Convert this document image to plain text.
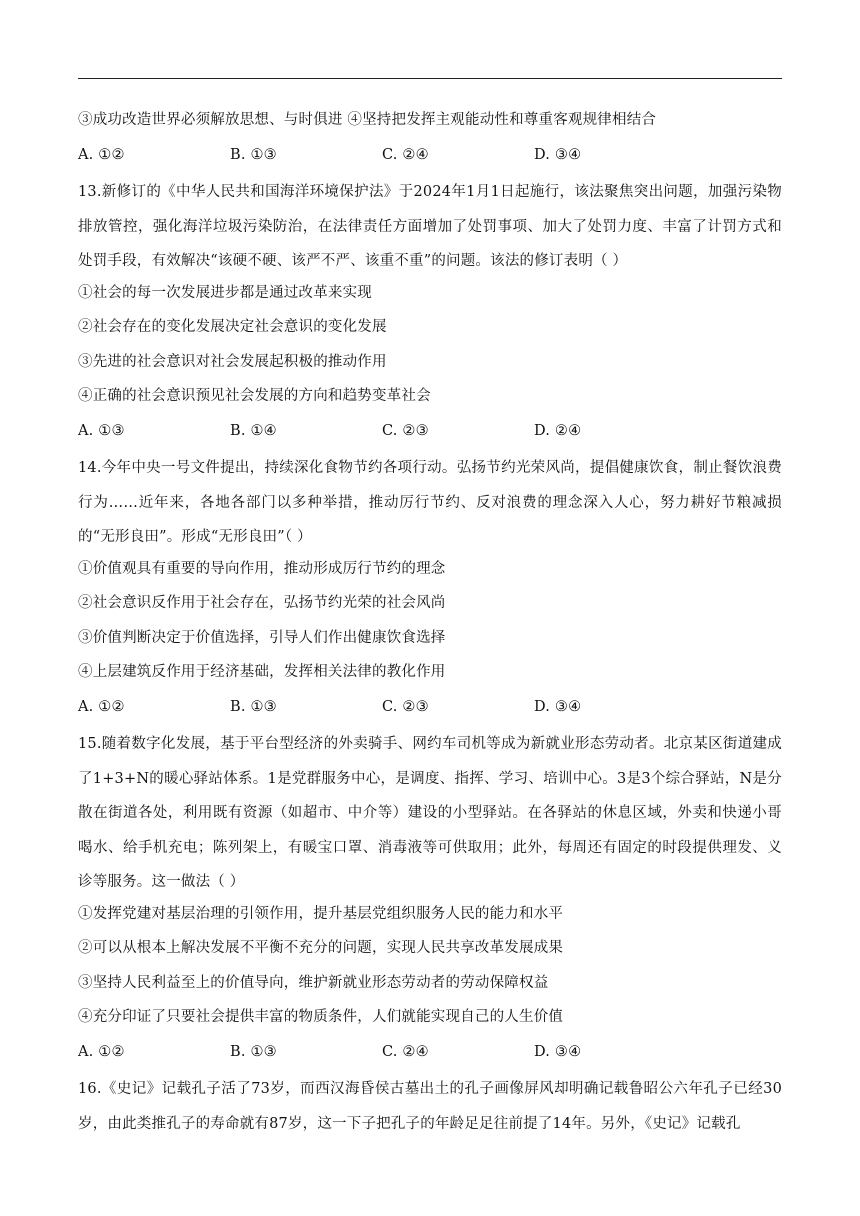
③成功改造世界必须解放思想、与时俱进 ④坚持把发挥主观能动性和尊重客观规律相结合
A. ①②	B. ①③	C. ②④	D. ③④
13.新修订的《中华人民共和国海洋环境保护法》于2024年1月1日起施行，该法聚焦突出问题，加强污染物排放管控，强化海洋垃圾污染防治，在法律责任方面增加了处罚事项、加大了处罚力度、丰富了计罚方式和处罚手段，有效解决“该硬不硬、该严不严、该重不重”的问题。该法的修订表明（ ）
①社会的每一次发展进步都是通过改革来实现
②社会存在的变化发展决定社会意识的变化发展
③先进的社会意识对社会发展起积极的推动作用
④正确的社会意识预见社会发展的方向和趋势变革社会
A. ①③	B. ①④	C. ②③	D. ②④
14.今年中央一号文件提出，持续深化食物节约各项行动。弘扬节约光荣风尚，提倡健康饮食，制止餐饮浪费行为……近年来，各地各部门以多种举措，推动厉行节约、反对浪费的理念深入人心，努力耕好节粮减损的“无形良田”。形成“无形良田”（ ）
①价值观具有重要的导向作用，推动形成厉行节约的理念
②社会意识反作用于社会存在，弘扬节约光荣的社会风尚
③价值判断决定于价值选择，引导人们作出健康饮食选择
④上层建筑反作用于经济基础，发挥相关法律的教化作用
A. ①②	B. ①③	C. ②③	D. ③④
15.随着数字化发展，基于平台型经济的外卖骑手、网约车司机等成为新就业形态劳动者。北京某区街道建成了1+3+N的暖心驿站体系。1是党群服务中心，是调度、指挥、学习、培训中心。3是3个综合驿站，N是分散在街道各处，利用既有资源（如超市、中介等）建设的小型驿站。在各驿站的休息区域，外卖和快递小哥喝水、给手机充电；陈列架上，有暖宝口罩、消毒液等可供取用；此外，每周还有固定的时段提供理发、义诊等服务。这一做法（ ）
①发挥党建对基层治理的引领作用，提升基层党组织服务人民的能力和水平
②可以从根本上解决发展不平衡不充分的问题，实现人民共享改革发展成果
③坚持人民利益至上的价值导向，维护新就业形态劳动者的劳动保障权益
④充分印证了只要社会提供丰富的物质条件，人们就能实现自己的人生价值
A. ①②	B. ①③	C. ②④	D. ③④
16.《史记》记载孔子活了73岁，而西汉海昏侯古墓出土的孔子画像屏风却明确记载鲁昭公六年孔子已经30岁，由此类推孔子的寿命就有87岁，这一下子把孔子的年龄足足往前提了14年。另外，《史记》记载孔
